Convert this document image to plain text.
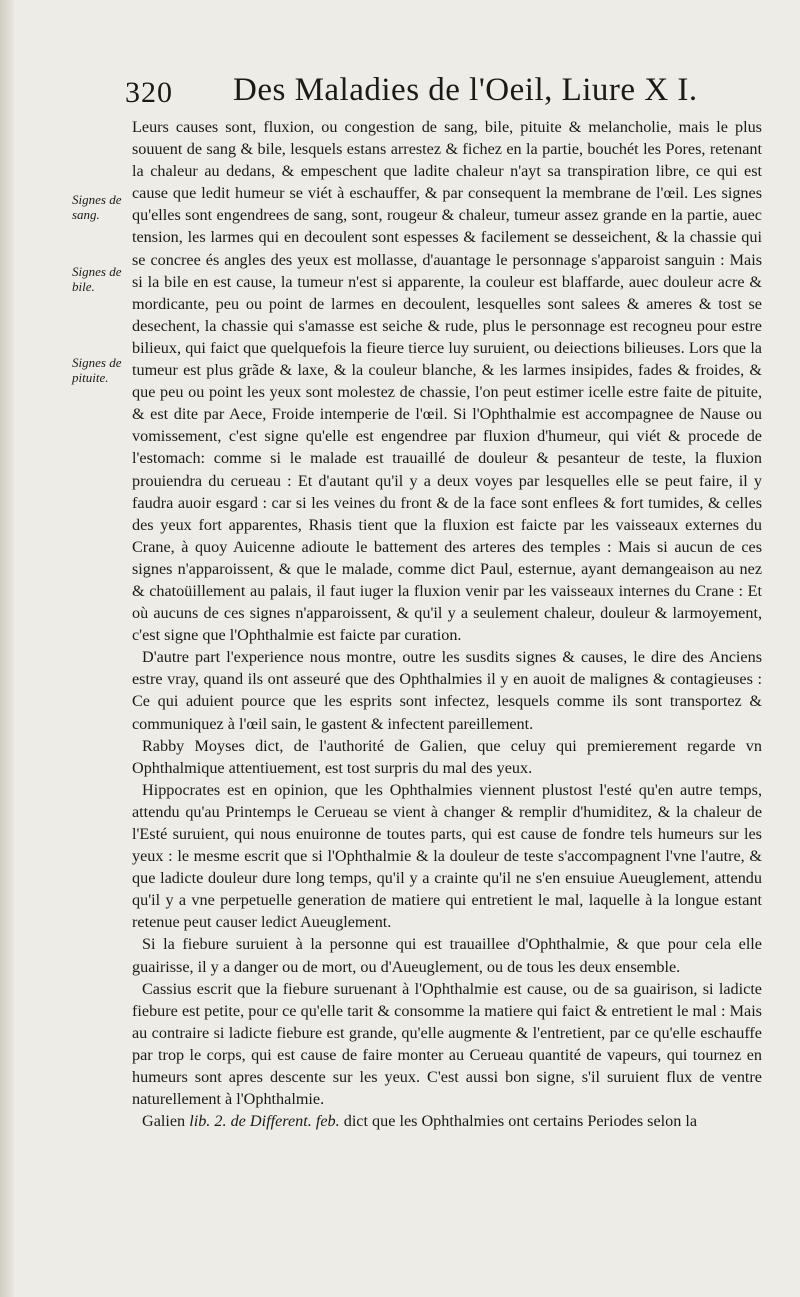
320 Des Maladies de l'Oeil, Liure X I.
Signes de sang.
Signes de bile.
Signes de pituite.

Leurs causes sont, fluxion, ou congestion de sang, bile, pituite & melancholie, mais le plus souuent de sang & bile, lesquels estans arrestez & fichez en la partie, bouchét les Pores, retenant la chaleur au dedans, & empeschent que ladite chaleur n'ayt sa transpiration libre, ce qui est cause que ledit humeur se viét à eschauffer, & par consequent la membrane de l'œil. Les signes qu'elles sont engendrees de sang, sont, rougeur & chaleur, tumeur assez grande en la partie, auec tension, les larmes qui en decoulent sont espesses & facilement se desseichent, & la chassie qui se concree és angles des yeux est mollasse, d'auantage le personnage s'apparoist sanguin : Mais si la bile en est cause, la tumeur n'est si apparente, la couleur est blaffarde, auec douleur acre & mordicante, peu ou point de larmes en decoulent, lesquelles sont salees & ameres & tost se desechent, la chassie qui s'amasse est seiche & rude, plus le personnage est recogneu pour estre bilieux, qui faict que quelquefois la fieure tierce luy suruient, ou deiections bilieuses. Lors que la tumeur est plus grãde & laxe, & la couleur blanche, & les larmes insipides, fades & froides, & que peu ou point les yeux sont molestez de chassie, l'on peut estimer icelle estre faite de pituite, & est dite par Aece, Froide intemperie de l'œil. Si l'Ophthalmie est accompagnee de Nause ou vomissement, c'est signe qu'elle est engendree par fluxion d'humeur, qui viét & procede de l'estomach: comme si le malade est trauaillé de douleur & pesanteur de teste, la fluxion prouiendra du cerueau : Et d'autant qu'il y a deux voyes par lesquelles elle se peut faire, il y faudra auoir esgard : car si les veines du front & de la face sont enflees & fort tumides, & celles des yeux fort apparentes, Rhasis tient que la fluxion est faicte par les vaisseaux externes du Crane, à quoy Auicenne adioute le battement des arteres des temples : Mais si aucun de ces signes n'apparoissent, & que le malade, comme dict Paul, esternue, ayant demangeaison au nez & chatoüillement au palais, il faut iuger la fluxion venir par les vaisseaux internes du Crane : Et où aucuns de ces signes n'apparoissent, & qu'il y a seulement chaleur, douleur & larmoyement, c'est signe que l'Ophthalmie est faicte par curation.

D'autre part l'experience nous montre, outre les susdits signes & causes, le dire des Anciens estre vray, quand ils ont asseuré que des Ophthalmies il y en auoit de malignes & contagieuses : Ce qui aduient pource que les esprits sont infectez, lesquels comme ils sont transportez & communiquez à l'œil sain, le gastent & infectent pareillement.

Rabby Moyses dict, de l'authorité de Galien, que celuy qui premierement regarde vn Ophthalmique attentiuement, est tost surpris du mal des yeux.

Hippocrates est en opinion, que les Ophthalmies viennent plustost l'esté qu'en autre temps, attendu qu'au Printemps le Cerueau se vient à changer & remplir d'humiditez, & la chaleur de l'Esté suruient, qui nous enuironne de toutes parts, qui est cause de fondre tels humeurs sur les yeux : le mesme escrit que si l'Ophthalmie & la douleur de teste s'accompagnent l'vne l'autre, & que ladicte douleur dure long temps, qu'il y a crainte qu'il ne s'en ensuiue Aueuglement, attendu qu'il y a vne perpetuelle generation de matiere qui entretient le mal, laquelle à la longue estant retenue peut causer ledict Aueuglement.

Si la fiebure suruient à la personne qui est trauaillee d'Ophthalmie, & que pour cela elle guairisse, il y a danger ou de mort, ou d'Aueuglement, ou de tous les deux ensemble.

Cassius escrit que la fiebure suruenant à l'Ophthalmie est cause, ou de sa guairison, si ladicte fiebure est petite, pour ce qu'elle tarit & consomme la matiere qui faict & entretient le mal : Mais au contraire si ladicte fiebure est grande, qu'elle augmente & l'entretient, par ce qu'elle eschauffe par trop le corps, qui est cause de faire monter au Cerueau quantité de vapeurs, qui tournez en humeurs sont apres descente sur les yeux. C'est aussi bon signe, s'il suruient flux de ventre naturellement à l'Ophthalmie.

Galien lib. 2. de Different. feb. dict que les Ophthalmies ont certains Periodes selon la
